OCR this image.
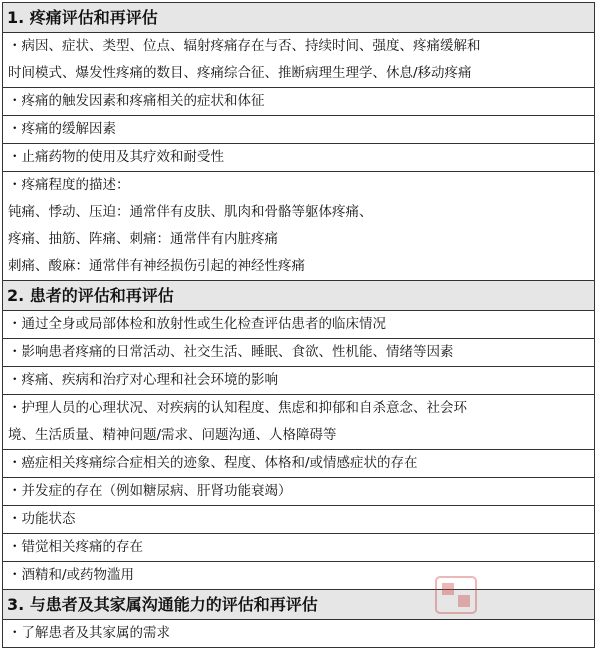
1. 疼痛评估和再评估
・病因、症状、类型、位点、辐射疼痛存在与否、持续时间、强度、疼痛缓解和
时间模式、爆发性疼痛的数目、疼痛综合征、推断病理生理学、休息/移动疼痛
・疼痛的触发因素和疼痛相关的症状和体征
・疼痛的缓解因素
・止痛药物的使用及其疗效和耐受性
・疼痛程度的描述：
钝痛、悸动、压迫：通常伴有皮肤、肌肉和骨骼等躯体疼痛、
疼痛、抽筋、阵痛、刺痛：通常伴有内脏疼痛
刺痛、酸麻：通常伴有神经损伤引起的神经性疼痛
2. 患者的评估和再评估
・通过全身或局部体检和放射性或生化检查评估患者的临床情况
・影响患者疼痛的日常活动、社交生活、睡眠、食欲、性机能、情绪等因素
・疼痛、疾病和治疗对心理和社会环境的影响
・护理人员的心理状况、对疾病的认知程度、焦虑和抑郁和自杀意念、社会环
境、生活质量、精神问题/需求、问题沟通、人格障碍等
・癌症相关疼痛综合症相关的迹象、程度、体格和/或情感症状的存在
・并发症的存在（例如糖尿病、肝肾功能衰竭）
・功能状态
・错觉相关疼痛的存在
・酒精和/或药物滥用
3. 与患者及其家属沟通能力的评估和再评估
・了解患者及其家属的需求
